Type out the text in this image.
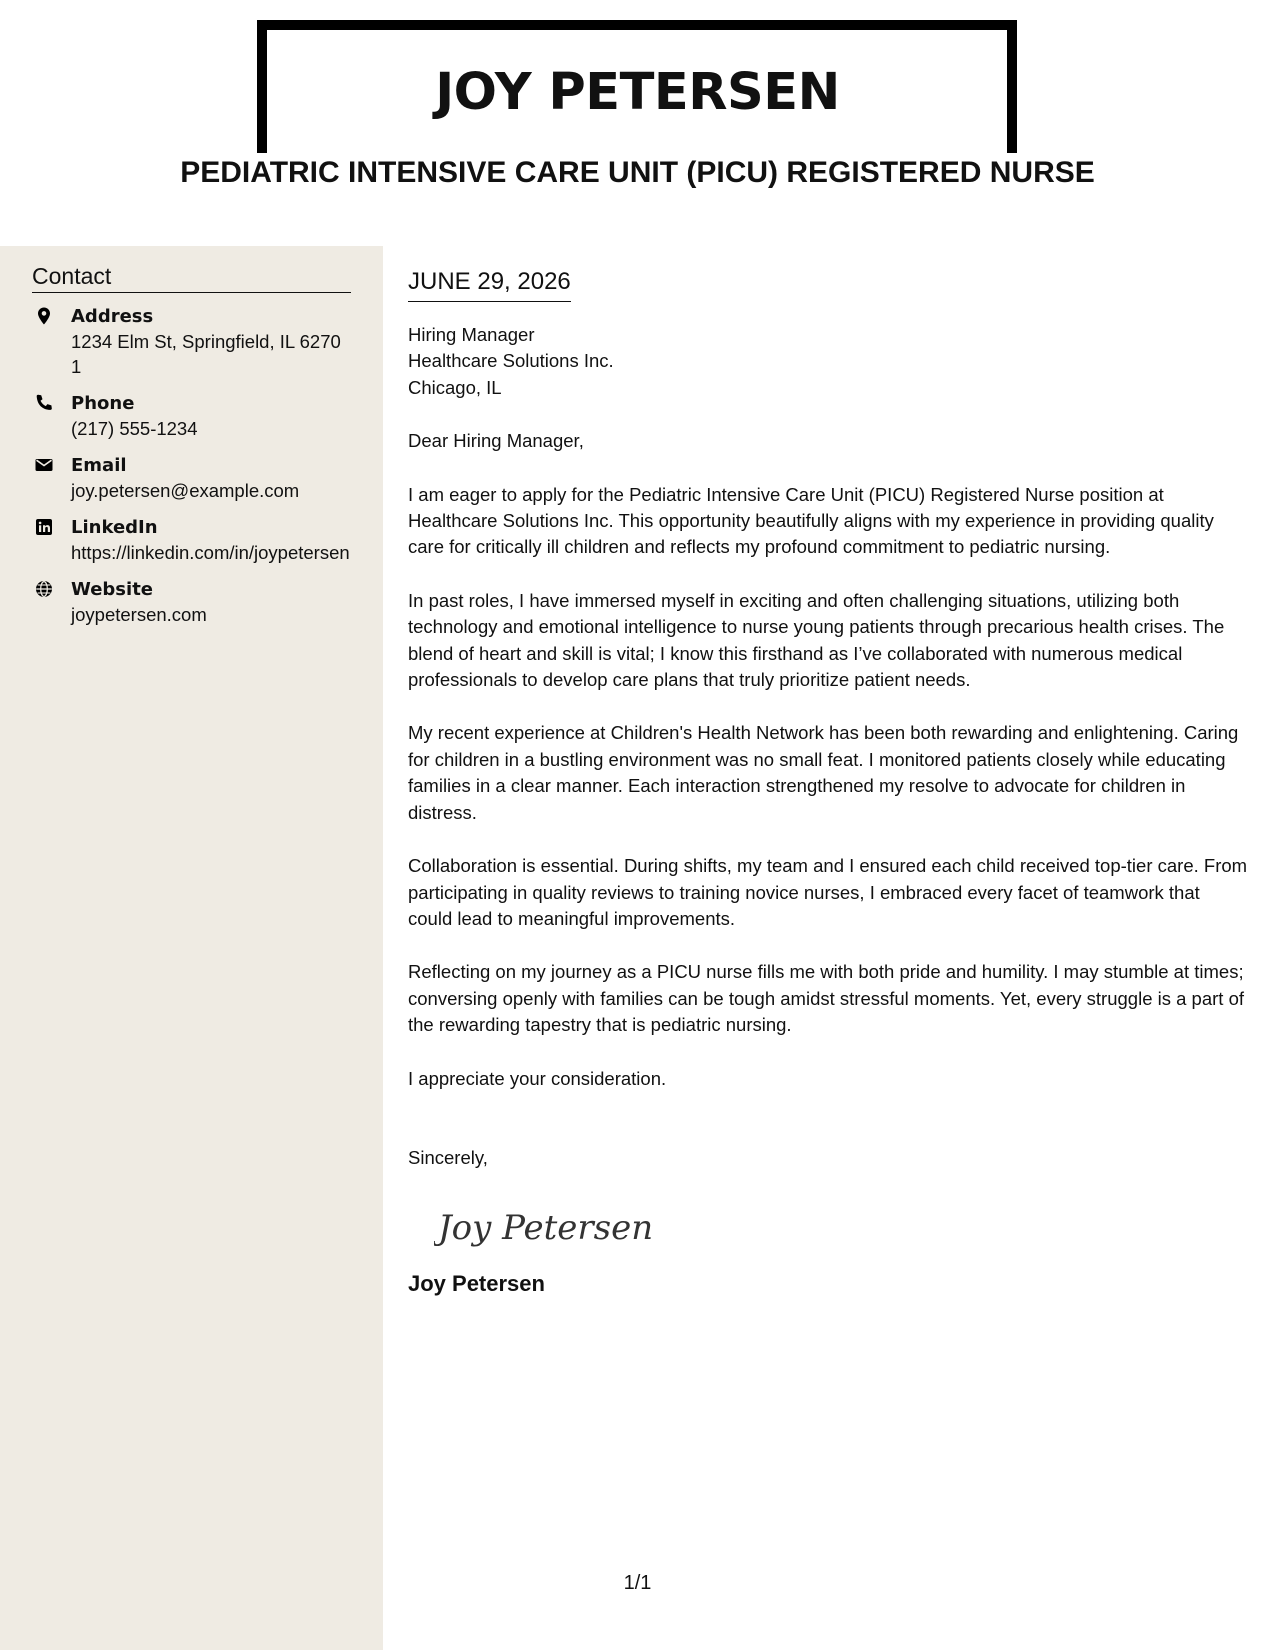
JOY PETERSEN
PEDIATRIC INTENSIVE CARE UNIT (PICU) REGISTERED NURSE
Contact
Address
1234 Elm St, Springfield, IL 62701
Phone
(217) 555-1234
Email
joy.petersen@example.com
LinkedIn
https://linkedin.com/in/joypetersen
Website
joypetersen.com
JUNE 29, 2026
Hiring Manager
Healthcare Solutions Inc.
Chicago, IL

Dear Hiring Manager,

I am eager to apply for the Pediatric Intensive Care Unit (PICU) Registered Nurse position at Healthcare Solutions Inc. This opportunity beautifully aligns with my experience in providing quality care for critically ill children and reflects my profound commitment to pediatric nursing.

In past roles, I have immersed myself in exciting and often challenging situations, utilizing both technology and emotional intelligence to nurse young patients through precarious health crises. The blend of heart and skill is vital; I know this firsthand as I’ve collaborated with numerous medical professionals to develop care plans that truly prioritize patient needs.

My recent experience at Children's Health Network has been both rewarding and enlightening. Caring for children in a bustling environment was no small feat. I monitored patients closely while educating families in a clear manner. Each interaction strengthened my resolve to advocate for children in distress.

Collaboration is essential. During shifts, my team and I ensured each child received top-tier care. From participating in quality reviews to training novice nurses, I embraced every facet of teamwork that could lead to meaningful improvements.

Reflecting on my journey as a PICU nurse fills me with both pride and humility. I may stumble at times; conversing openly with families can be tough amidst stressful moments. Yet, every struggle is a part of the rewarding tapestry that is pediatric nursing.

I appreciate your consideration.

Sincerely,

Joy Petersen

Joy Petersen

1/1
